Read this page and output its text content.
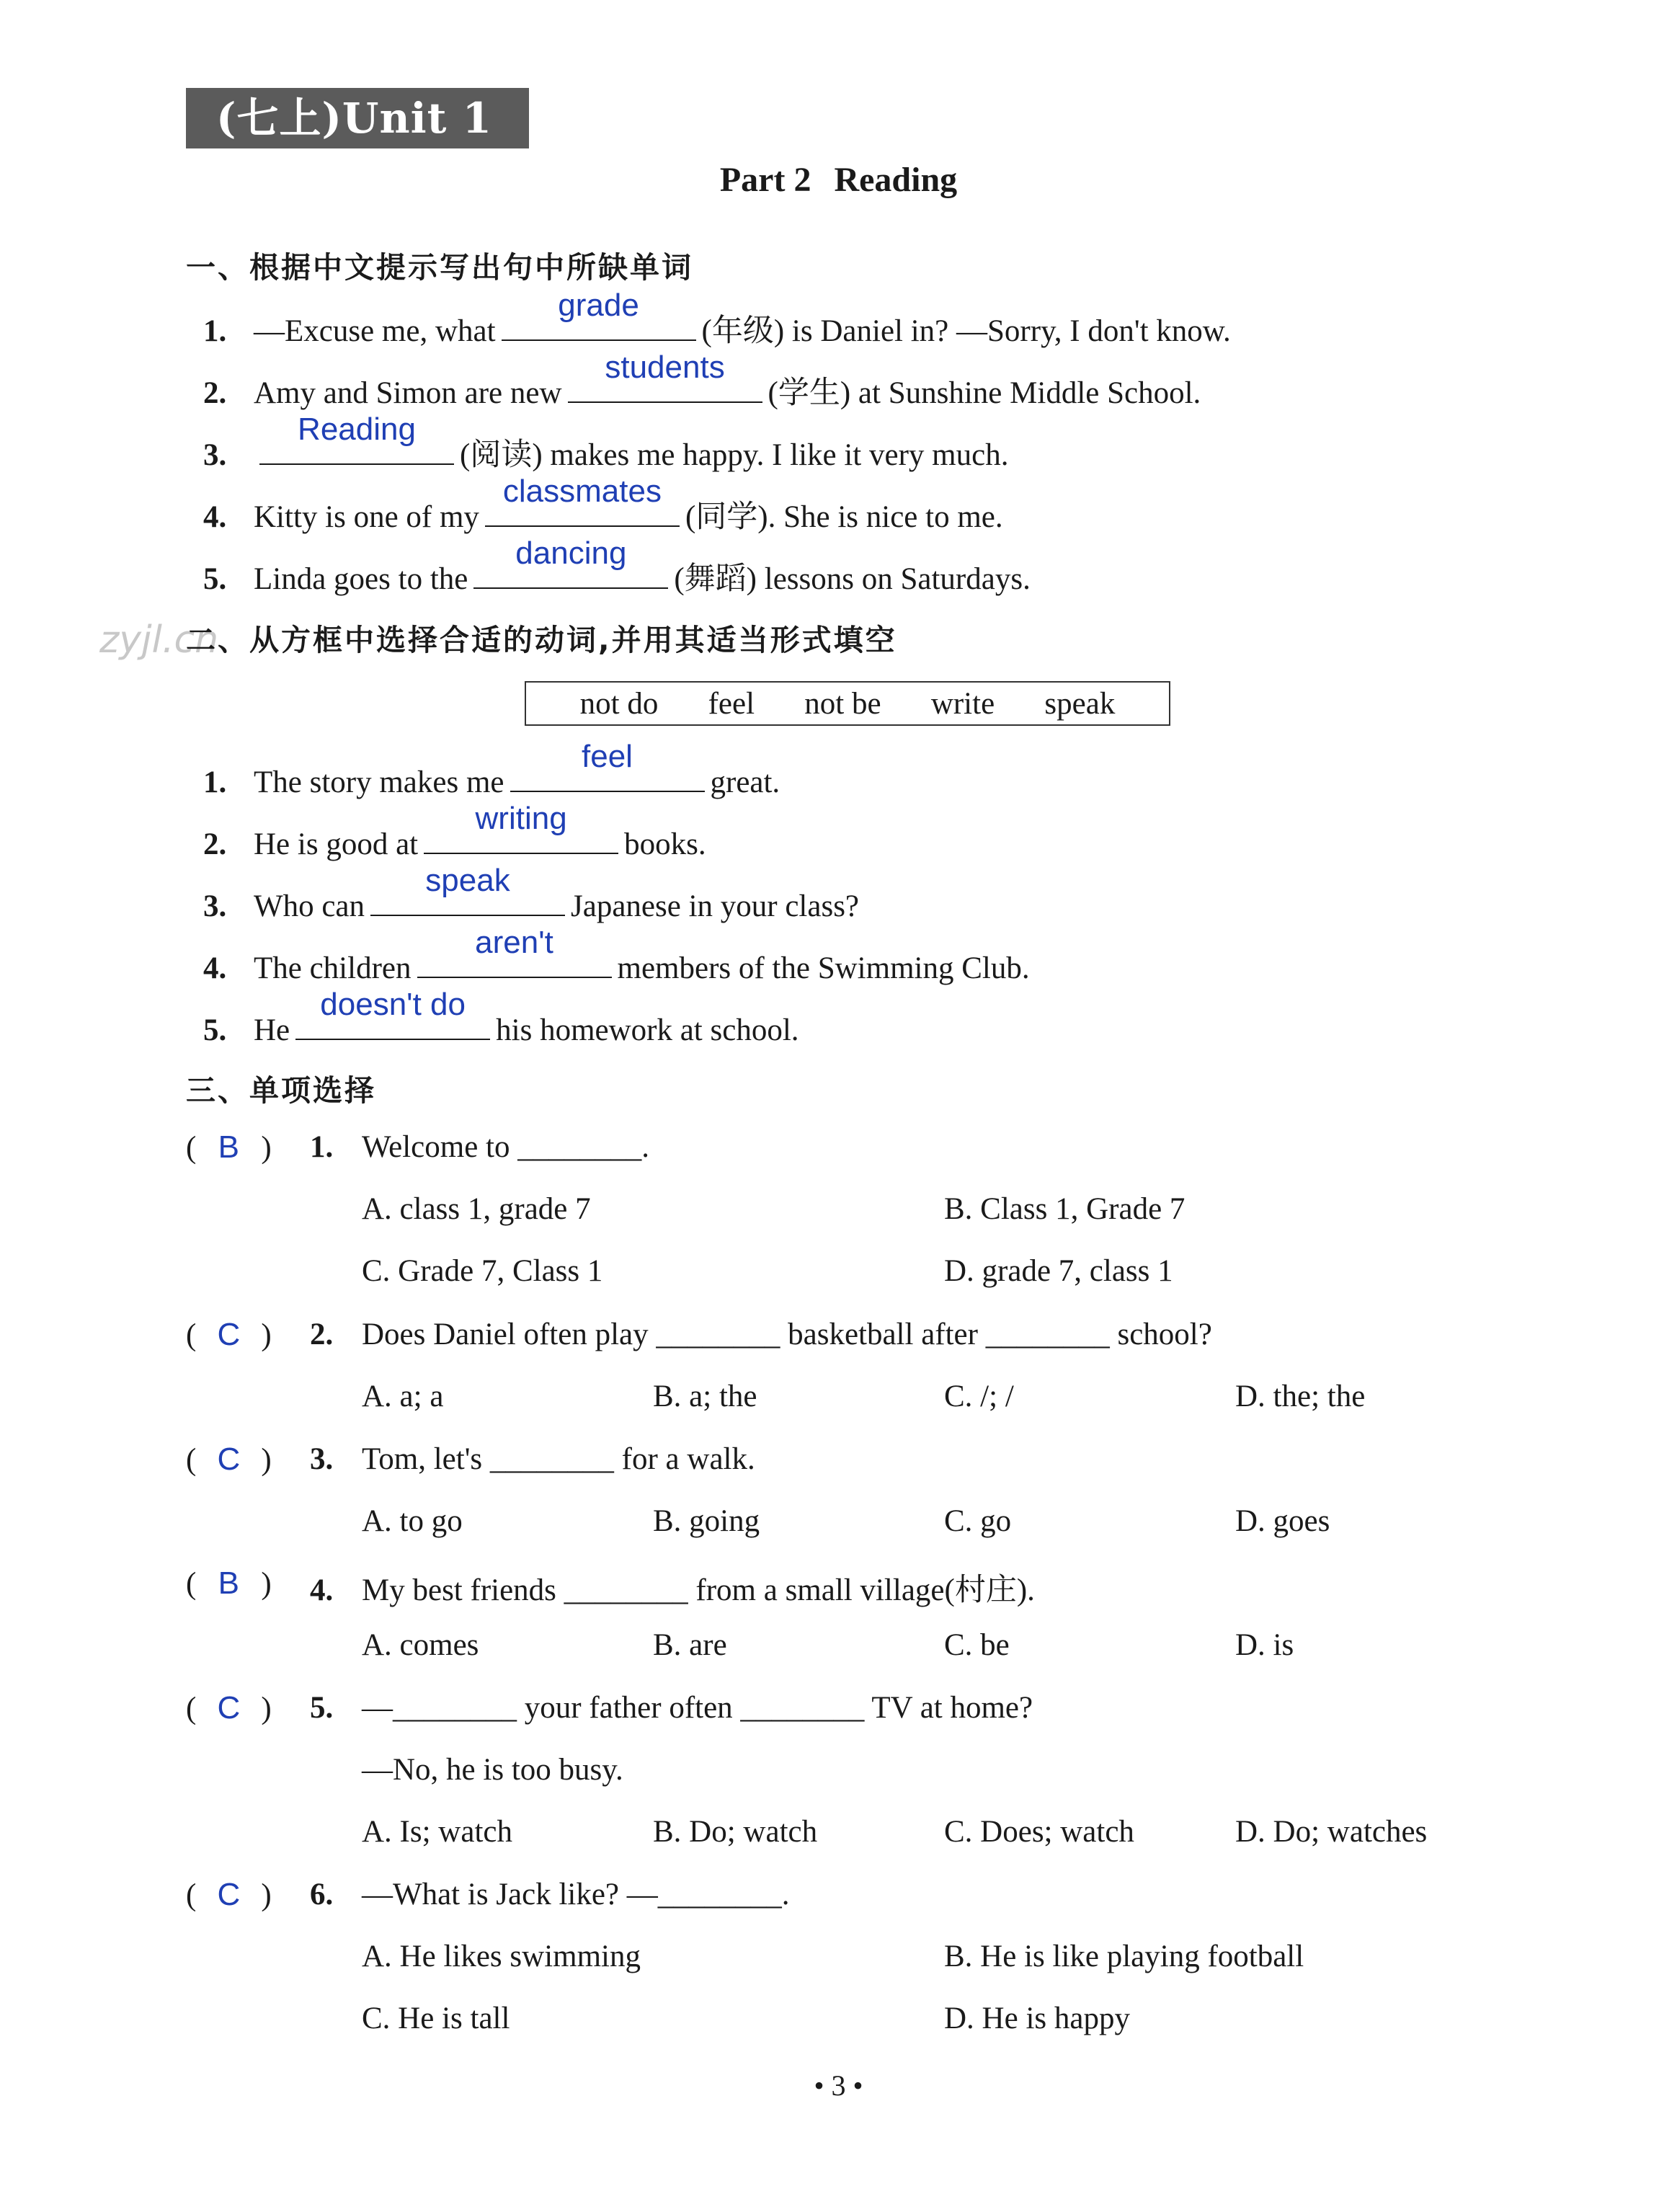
(七上)Unit 1
Part 2 Reading
一、根据中文提示写出句中所缺单词
1. —Excuse me, what
grade
(年级) is Daniel in? —Sorry, I don't know.
2. Amy and Simon are new
students
(学生) at Sunshine Middle School.
3.
Reading
(阅读) makes me happy. I like it very much.
4. Kitty is one of my
classmates
(同学). She is nice to me.
5. Linda goes to the
dancing
(舞蹈) lessons on Saturdays.
zyjl.cn
二、从方框中选择合适的动词,并用其适当形式填空
not do feel not be write speak
1. The story makes me
feel
great.
2. He is good at
writing
books.
3. Who can
speak
Japanese in your class?
4. The children
aren't
members of the Swimming Club.
5. He
doesn't do
his homework at school.
三、单项选择
( B ) 1. Welcome to ________.
A. class 1, grade 7	B. Class 1, Grade 7
C. Grade 7, Class 1	D. grade 7, class 1
( C ) 2. Does Daniel often play ________ basketball after ________ school?
A. a; a	B. a; the	C. /; /	D. the; the
( C ) 3. Tom, let's ________ for a walk.
A. to go	B. going	C. go	D. goes
( B ) 4. My best friends ________ from a small village(村庄).
A. comes	B. are	C. be	D. is
( C ) 5. —________ your father often ________ TV at home?
—No, he is too busy.
A. Is; watch	B. Do; watch	C. Does; watch	D. Do; watches
( C ) 6. —What is Jack like? —________.
A. He likes swimming	B. He is like playing football
C. He is tall	D. He is happy
• 3 •
